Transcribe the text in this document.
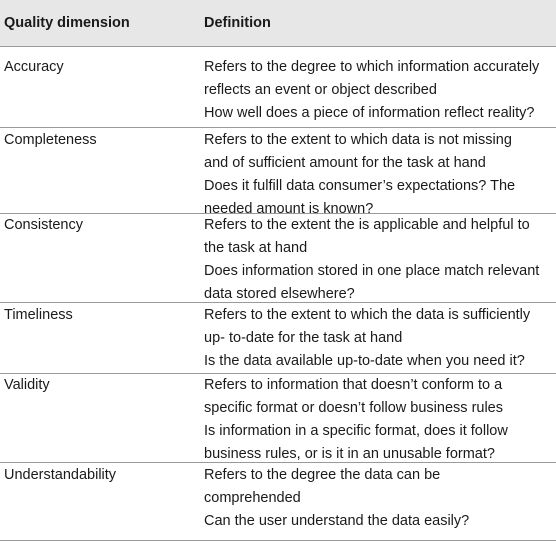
Quality dimension	Definition
Accuracy	Refers to the degree to which information accurately
reflects an event or object described
How well does a piece of information reflect reality?
Completeness	Refers to the extent to which data is not missing
and of sufficient amount for the task at hand
Does it fulfill data consumer’s expectations? The
needed amount is known?
Consistency	Refers to the extent the is applicable and helpful to
the task at hand
Does information stored in one place match relevant
data stored elsewhere?
Timeliness	Refers to the extent to which the data is sufficiently
up- to-date for the task at hand
Is the data available up-to-date when you need it?
Validity	Refers to information that doesn’t conform to a
specific format or doesn’t follow business rules
Is information in a specific format, does it follow
business rules, or is it in an unusable format?
Understandability	Refers to the degree the data can be
comprehended
Can the user understand the data easily?
